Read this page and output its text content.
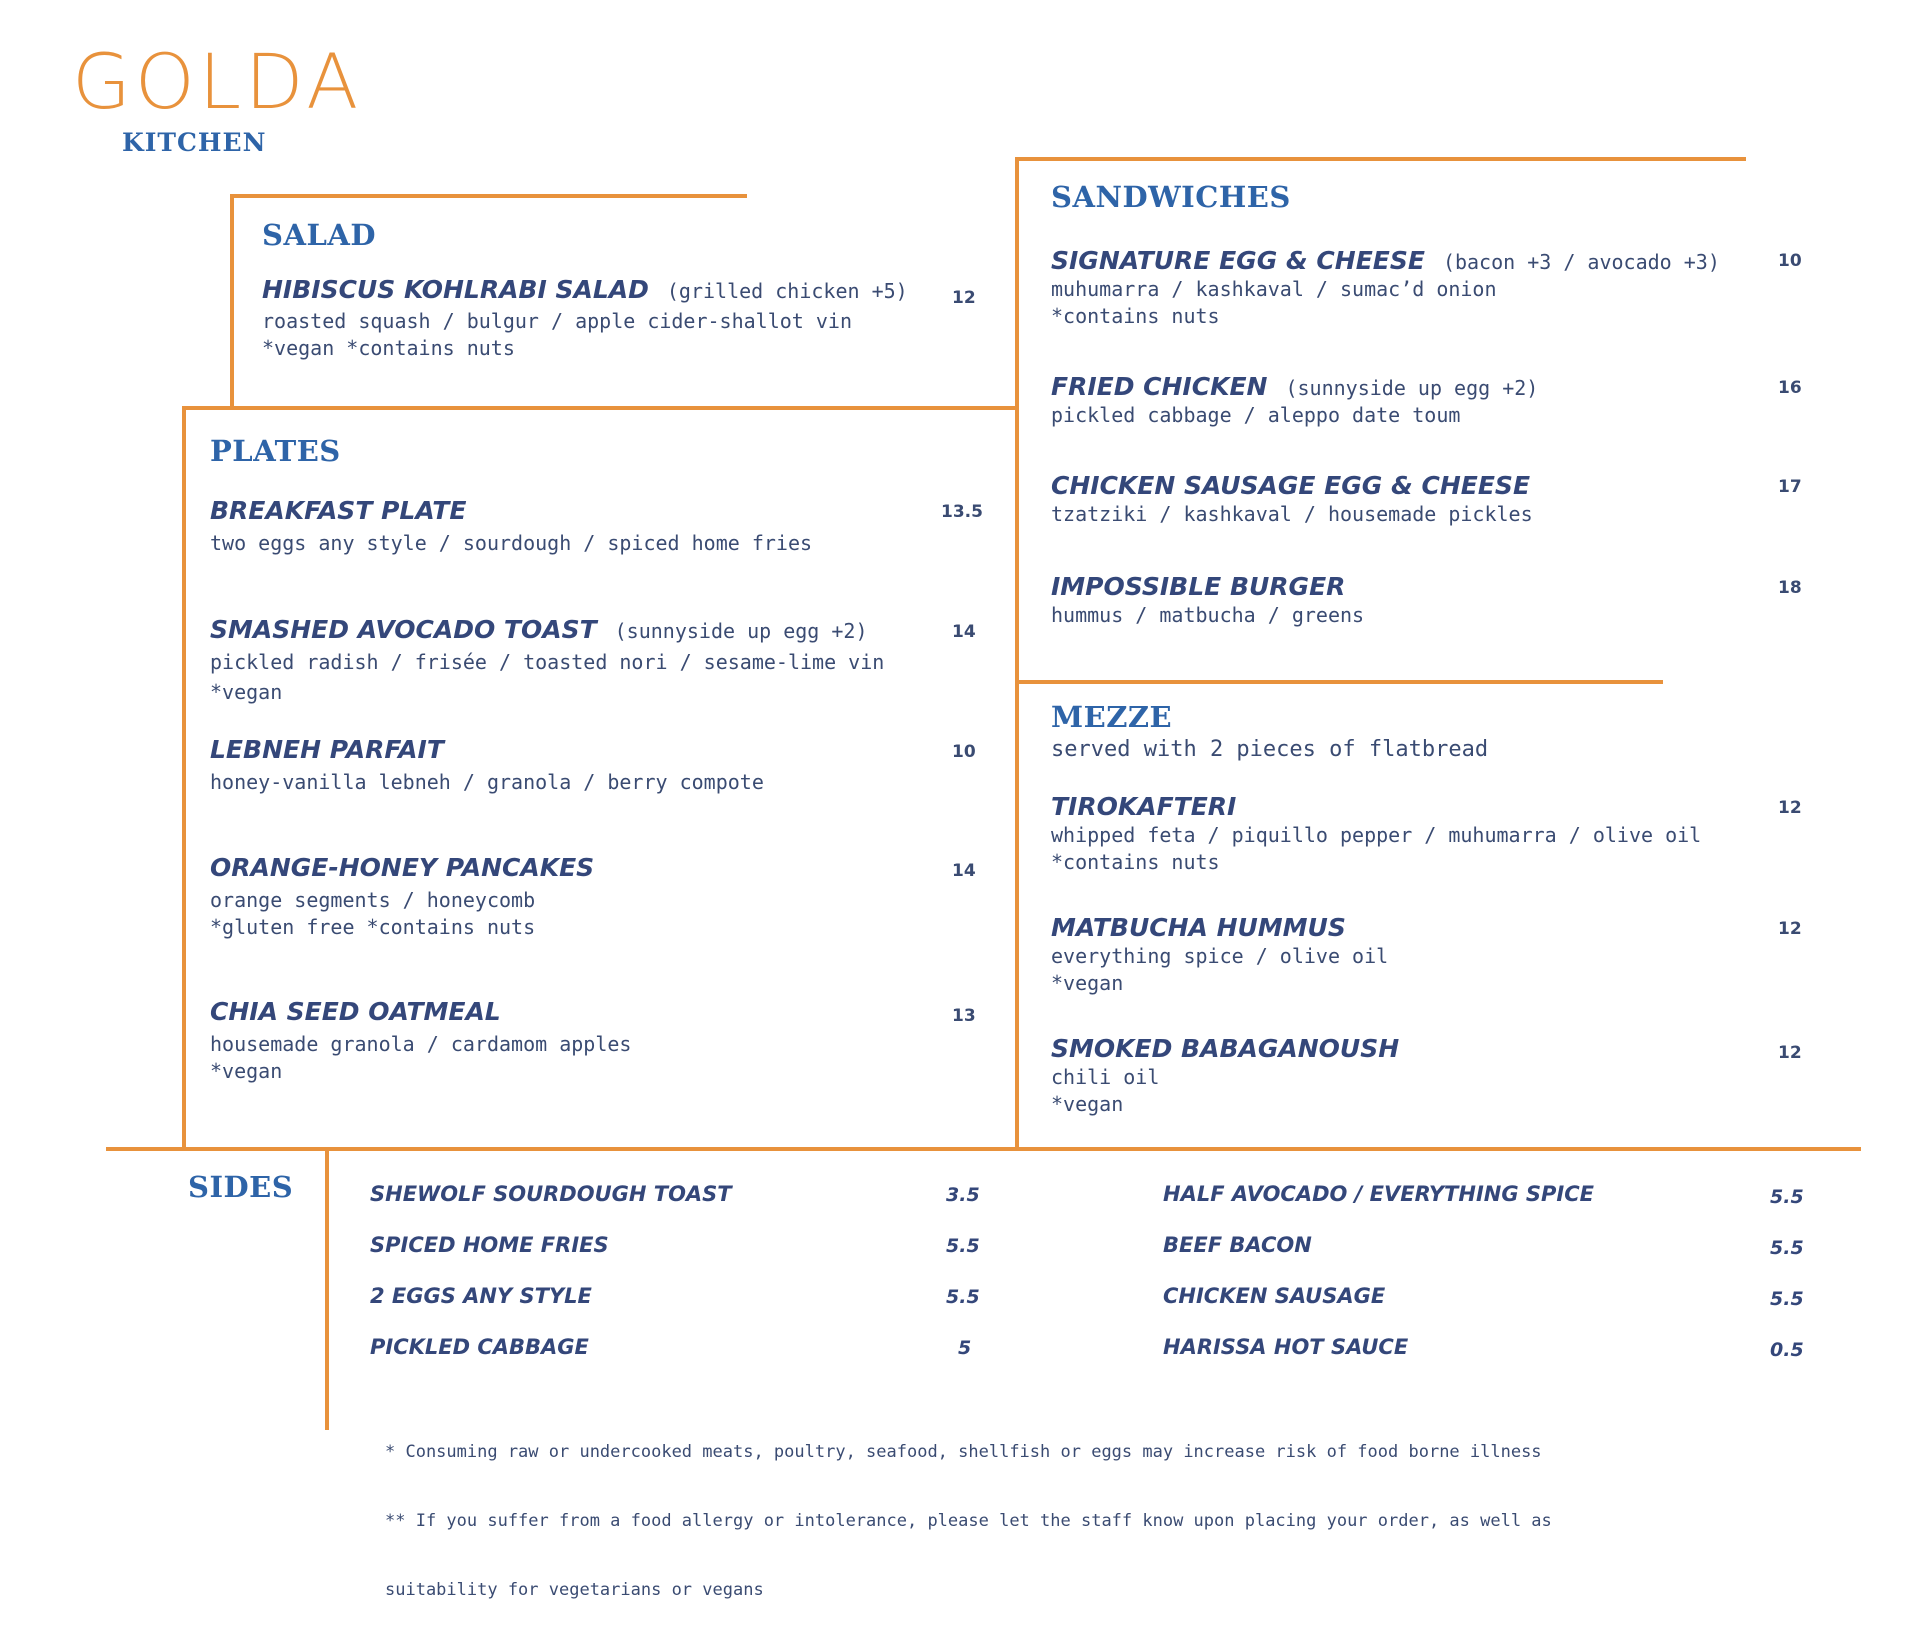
GOLDA
KITCHEN
SALAD
HIBISCUS KOHLRABI SALAD (grilled chicken +5)
roasted squash / bulgur / apple cider-shallot vin
*vegan *contains nuts
12
PLATES
BREAKFAST PLATE
two eggs any style / sourdough / spiced home fries
13.5
SMASHED AVOCADO TOAST (sunnyside up egg +2)
pickled radish / frisée / toasted nori / sesame-lime vin
*vegan
14
LEBNEH PARFAIT
honey-vanilla lebneh / granola / berry compote
10
ORANGE-HONEY PANCAKES
orange segments / honeycomb
*gluten free *contains nuts
14
CHIA SEED OATMEAL
housemade granola / cardamom apples
*vegan
13
SANDWICHES
SIGNATURE EGG & CHEESE (bacon +3 / avocado +3)
muhumarra / kashkaval / sumac’d onion
*contains nuts
10
FRIED CHICKEN (sunnyside up egg +2)
pickled cabbage / aleppo date toum
16
CHICKEN SAUSAGE EGG & CHEESE
tzatziki / kashkaval / housemade pickles
17
IMPOSSIBLE BURGER
hummus / matbucha / greens
18
MEZZE
served with 2 pieces of flatbread
TIROKAFTERI
whipped feta / piquillo pepper / muhumarra / olive oil
*contains nuts
12
MATBUCHA HUMMUS
everything spice / olive oil
*vegan
12
SMOKED BABAGANOUSH
chili oil
*vegan
12
SIDES	SHEWOLF SOURDOUGH TOAST	3.5
SPICED HOME FRIES	5.5
2 EGGS ANY STYLE	5.5
PICKLED CABBAGE	5
HALF AVOCADO / EVERYTHING SPICE	5.5
BEEF BACON	5.5
CHICKEN SAUSAGE	5.5
HARISSA HOT SAUCE	0.5

* Consuming raw or undercooked meats, poultry, seafood, shellfish or eggs may increase risk of food borne illness

** If you suffer from a food allergy or intolerance, please let the staff know upon placing your order, as well as

suitability for vegetarians or vegans
